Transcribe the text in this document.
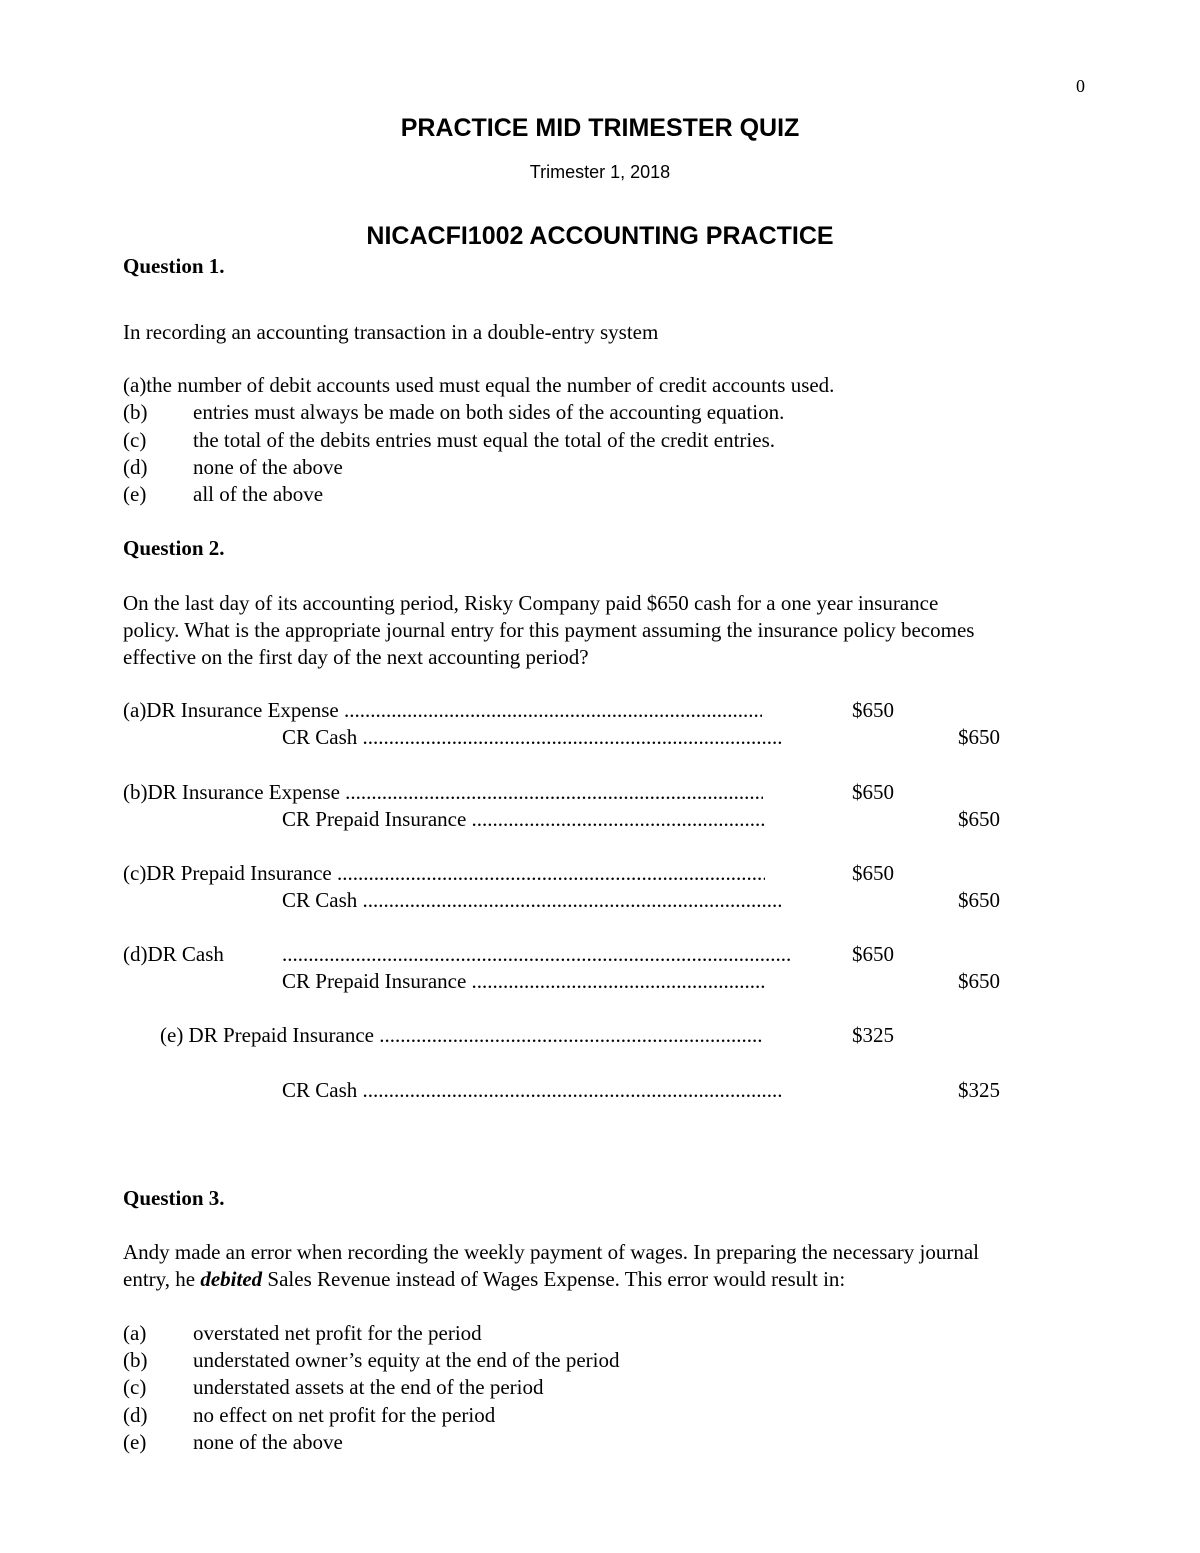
0
PRACTICE MID TRIMESTER QUIZ
Trimester 1, 2018
NICACFI1002 ACCOUNTING PRACTICE
Question 1.
In recording an accounting transaction in a double-entry system
(a)the number of debit accounts used must equal the number of credit accounts used.
(b) entries must always be made on both sides of the accounting equation.
(c) the total of the debits entries must equal the total of the credit entries.
(d) none of the above
(e) all of the above
Question 2.
On the last day of its accounting period, Risky Company paid $650 cash for a one year insurance
policy. What is the appropriate journal entry for this payment assuming the insurance policy becomes
effective on the first day of the next accounting period?
(a)DR Insurance Expense .....	$650
CR Cash .....	$650
(b)DR Insurance Expense .....	$650
CR Prepaid Insurance .....	$650
(c)DR Prepaid Insurance .....	$650
CR Cash .....	$650
(d)DR Cash .....	$650
CR Prepaid Insurance .....	$650
(e) DR Prepaid Insurance .....	$325
CR Cash .....	$325
Question 3.
Andy made an error when recording the weekly payment of wages. In preparing the necessary journal
entry, he debited Sales Revenue instead of Wages Expense. This error would result in:
(a) overstated net profit for the period
(b) understated owner’s equity at the end of the period
(c) understated assets at the end of the period
(d) no effect on net profit for the period
(e) none of the above
